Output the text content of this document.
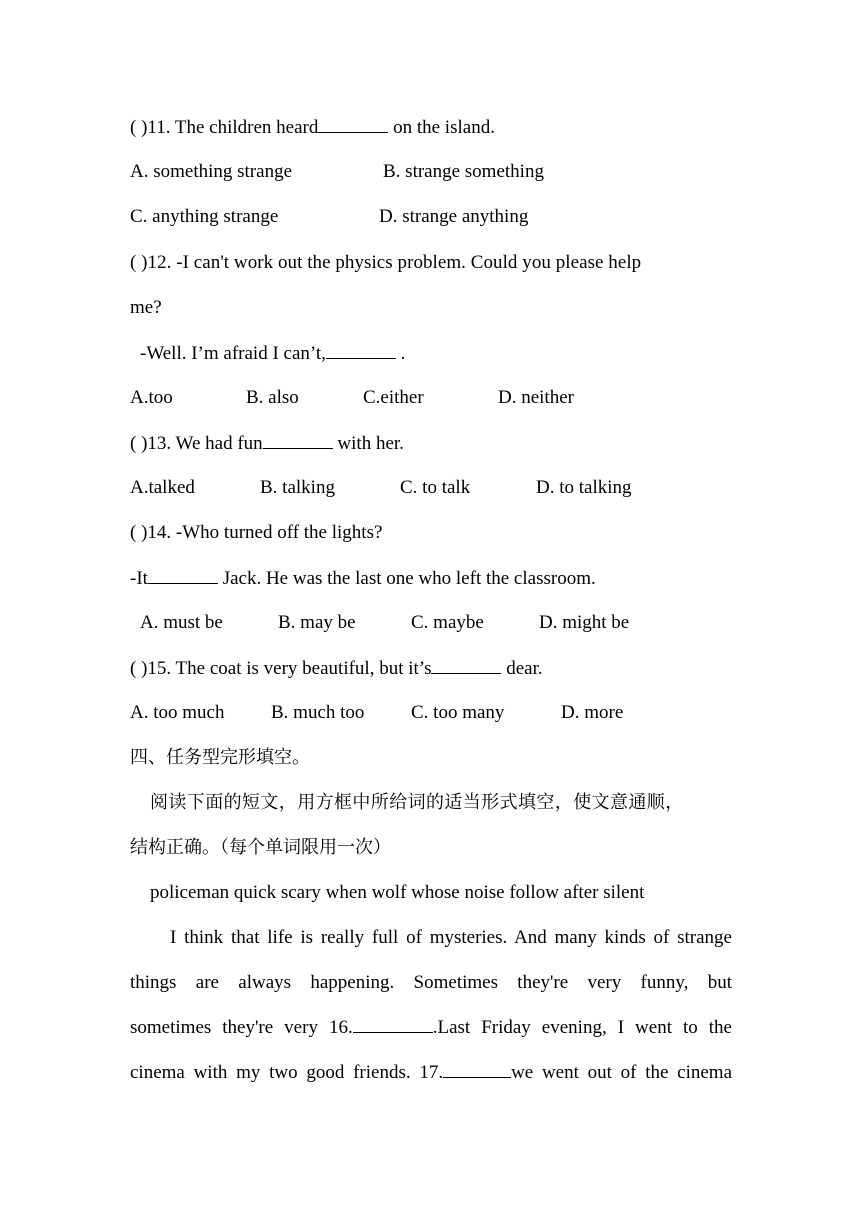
( )11. The children heard	on the island.
A. something strange	B. strange something
C. anything strange	D. strange anything
( )12. -I can't work out the physics problem. Could you please help
me?
-Well. I’m afraid I can’t,	.
A.too	B. also	C.either	D. neither
( )13. We had fun	with her.
A.talked	B. talking	C. to talk	D. to talking
( )14. -Who turned off the lights?
-It	Jack. He was the last one who left the classroom.
A. must be	B. may be	C. maybe	D. might be
( )15. The coat is very beautiful, but it’s	dear.
A. too much B. much too C. too many	D. more
四、任务型完形填空。
阅读下面的短文，用方框中所给词的适当形式填空，使文意通顺，
结构正确。（每个单词限用一次）
policeman quick scary when wolf whose noise follow after silent
I think that life is really full of mysteries. And many kinds of strange
things are always happening. Sometimes they're very funny, but
sometimes they're very 16.	.Last Friday evening, I went to the
cinema with my two good friends. 17.	we went out of the cinema
